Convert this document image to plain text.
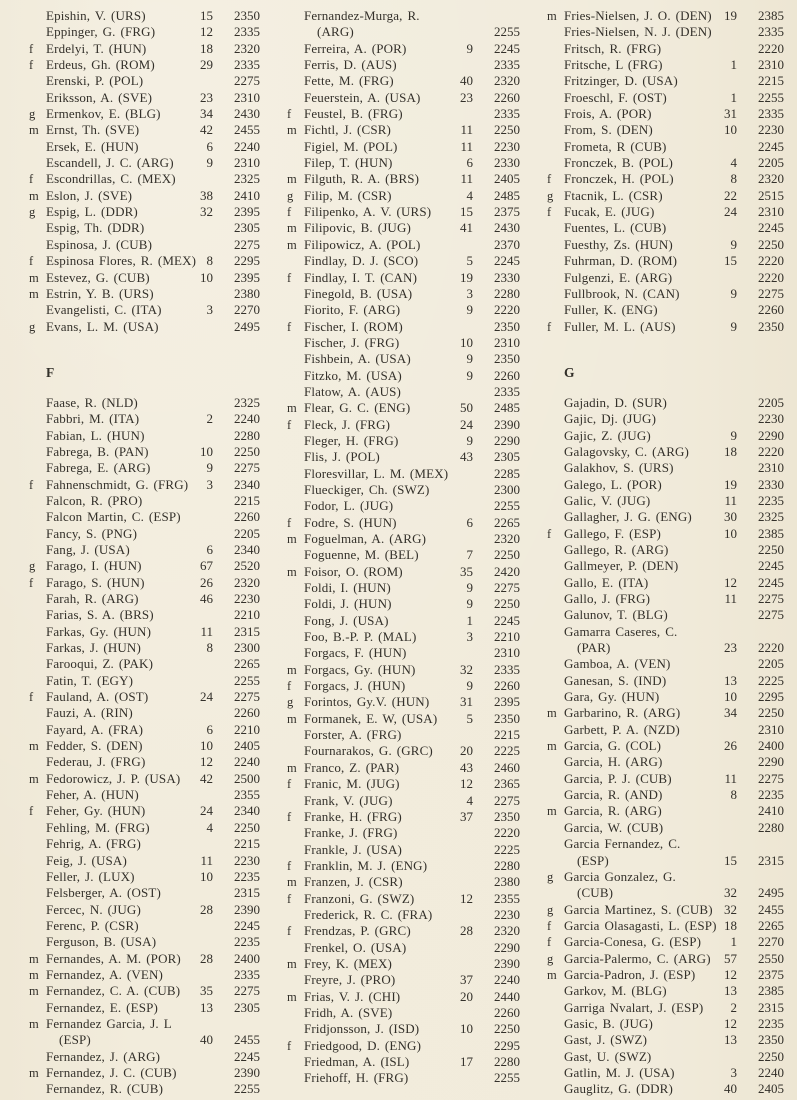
Epishin, V. (URS)	15	2350
Eppinger, G. (FRG)	12	2335
f Erdelyi, T. (HUN)	18	2320
f Erdeus, Gh. (ROM)	29	2335
Erenski, P. (POL)	2275
Eriksson, A. (SVE)	23	2310
g Ermenkov, E. (BLG)	34	2430
m Ernst, Th. (SVE)	42	2455
Ersek, E. (HUN)	6	2240
Escandell, J. C. (ARG)	9	2310
f Escondrillas, C. (MEX)	2325
m Eslon, J. (SVE)	38	2410
g Espig, L. (DDR)	32	2395
Espig, Th. (DDR)	2305
Espinosa, J. (CUB)	2275
f Espinosa Flores, R. (MEX) 8	2295
m Estevez, G. (CUB)	10	2395
m Estrin, Y. B. (URS)	2380
Evangelisti, C. (ITA)	3	2270
g Evans, L. M. (USA)	2495
F
Faase, R. (NLD)	2325
Fabbri, M. (ITA)	2	2240
Fabian, L. (HUN)	2280
Fabrega, B. (PAN)	10	2250
Fabrega, E. (ARG)	9	2275
f Fahnenschmidt, G. (FRG)	3	2340
Falcon, R. (PRO)	2215
Falcon Martin, C. (ESP)	2260
Fancy, S. (PNG)	2205
Fang, J. (USA)	6	2340
g Farago, I. (HUN)	67	2520
f Farago, S. (HUN)	26	2320
Farah, R. (ARG)	46	2230
Farias, S. A. (BRS)	2210
Farkas, Gy. (HUN)	11	2315
Farkas, J. (HUN)	8	2300
Farooqui, Z. (PAK)	2265
Fatin, T. (EGY)	2255
f Fauland, A. (OST)	24	2275
Fauzi, A. (RIN)	2260
Fayard, A. (FRA)	6	2210
m Fedder, S. (DEN)	10	2405
Federau, J. (FRG)	12	2240
m Fedorowicz, J. P. (USA)	42	2500
Feher, A. (HUN)	2355
f Feher, Gy. (HUN)	24	2340
Fehling, M. (FRG)	4	2250
Fehrig, A. (FRG)	2215
Feig, J. (USA)	11	2230
Feller, J. (LUX)	10	2235
Felsberger, A. (OST)	2315
Fercec, N. (JUG)	28	2390
Ferenc, P. (CSR)	2245
Ferguson, B. (USA)	2235
m Fernandes, A. M. (POR)	28	2400
m Fernandez, A. (VEN)	2335
m Fernandez, C. A. (CUB)	35	2275
Fernandez, E. (ESP)	13	2305
m Fernandez Garcia, J. L
(ESP)	40	2455
Fernandez, J. (ARG)	2245
m Fernandez, J. C. (CUB)	2390
Fernandez, R. (CUB)	2255
Fernandez-Murga, R.
(ARG)	2255
Ferreira, A. (POR)	9	2245
Ferris, D. (AUS)	2335
Fette, M. (FRG)	40	2320
Feuerstein, A. (USA)	23	2260
f Feustel, B. (FRG)	2335
m Fichtl, J. (CSR)	11	2250
Figiel, M. (POL)	11	2230
Filep, T. (HUN)	6	2330
m Filguth, R. A. (BRS)	11	2405
g Filip, M. (CSR)	4	2485
f Filipenko, A. V. (URS)	15	2375
m Filipovic, B. (JUG)	41	2430
m Filipowicz, A. (POL)	2370
Findlay, D. J. (SCO)	5	2245
f Findlay, I. T. (CAN)	19	2330
Finegold, B. (USA)	3	2280
Fiorito, F. (ARG)	9	2220
f Fischer, I. (ROM)	2350
Fischer, J. (FRG)	10	2310
Fishbein, A. (USA)	9	2350
Fitzko, M. (USA)	9	2260
Flatow, A. (AUS)	2335
m Flear, G. C. (ENG)	50	2485
f Fleck, J. (FRG)	24	2390
Fleger, H. (FRG)	9	2290
Flis, J. (POL)	43	2305
Floresvillar, L. M. (MEX)	2285
Flueckiger, Ch. (SWZ)	2300
Fodor, L. (JUG)	2255
f Fodre, S. (HUN)	6	2265
m Foguelman, A. (ARG)	2320
Foguenne, M. (BEL)	7	2250
m Foisor, O. (ROM)	35	2420
Foldi, I. (HUN)	9	2275
Foldi, J. (HUN)	9	2250
Fong, J. (USA)	1	2245
Foo, B.-P. P. (MAL)	3	2210
Forgacs, F. (HUN)	2310
m Forgacs, Gy. (HUN)	32	2335
f Forgacs, J. (HUN)	9	2260
g Forintos, Gy.V. (HUN)	31	2395
m Formanek, E. W, (USA)	5	2350
Forster, A. (FRG)	2215
Fournarakos, G. (GRC)	20	2225
m Franco, Z. (PAR)	43	2460
f Franic, M. (JUG)	12	2365
Frank, V. (JUG)	4	2275
f Franke, H. (FRG)	37	2350
Franke, J. (FRG)	2220
Frankle, J. (USA)	2225
f Franklin, M. J. (ENG)	2280
m Franzen, J. (CSR)	2380
f Franzoni, G. (SWZ)	12	2355
Frederick, R. C. (FRA)	2230
f Frendzas, P. (GRC)	28	2320
Frenkel, O. (USA)	2290
m Frey, K. (MEX)	2390
Freyre, J. (PRO)	37	2240
m Frias, V. J. (CHI)	20	2440
Fridh, A. (SVE)	2260
Fridjonsson, J. (ISD)	10	2250
f Friedgood, D. (ENG)	2295
Friedman, A. (ISL)	17	2280
Friehoff, H. (FRG)	2255
m Fries-Nielsen, J. O. (DEN) 19	2385
Fries-Nielsen, N. J. (DEN)	2335
Fritsch, R. (FRG)	2220
Fritsche, L (FRG)	1	2310
Fritzinger, D. (USA)	2215
Froeschl, F. (OST)	1	2255
Frois, A. (POR)	31	2335
From, S. (DEN)	10	2230
Frometa, R (CUB)	2245
Fronczek, B. (POL)	4	2205
f Fronczek, H. (POL)	8	2320
g Ftacnik, L. (CSR)	22	2515
f Fucak, E. (JUG)	24	2310
Fuentes, L. (CUB)	2245
Fuesthy, Zs. (HUN)	9	2250
Fuhrman, D. (ROM)	15	2220
Fulgenzi, E. (ARG)	2220
Fullbrook, N. (CAN)	9	2275
Fuller, K. (ENG)	2260
f Fuller, M. L. (AUS)	9	2350
G
Gajadin, D. (SUR)	2205
Gajic, Dj. (JUG)	2230
Gajic, Z. (JUG)	9	2290
Galagovsky, C. (ARG)	18	2220
Galakhov, S. (URS)	2310
Galego, L. (POR)	19	2330
Galic, V. (JUG)	11	2235
Gallagher, J. G. (ENG)	30	2325
f Gallego, F. (ESP)	10	2385
Gallego, R. (ARG)	2250
Gallmeyer, P. (DEN)	2245
Gallo, E. (ITA)	12	2245
Gallo, J. (FRG)	11	2275
Galunov, T. (BLG)	2275
Gamarra Caseres, C.
(PAR)	23	2220
Gamboa, A. (VEN)	2205
Ganesan, S. (IND)	13	2225
Gara, Gy. (HUN)	10	2295
m Garbarino, R. (ARG)	34	2250
Garbett, P. A. (NZD)	2310
m Garcia, G. (COL)	26	2400
Garcia, H. (ARG)	2290
Garcia, P. J. (CUB)	11	2275
Garcia, R. (AND)	8	2235
m Garcia, R. (ARG)	2410
Garcia, W. (CUB)	2280
Garcia Fernandez, C.
(ESP)	15	2315
g Garcia Gonzalez, G.
(CUB)	32	2495
g Garcia Martinez, S. (CUB) 32	2455
f Garcia Olasagasti, L. (ESP) 18	2265
f Garcia-Conesa, G. (ESP)	1	2270
g Garcia-Palermo, C. (ARG)	57	2550
m Garcia-Padron, J. (ESP)	12	2375
Garkov, M. (BLG)	13	2385
Garriga Nvalart, J. (ESP)	2	2315
Gasic, B. (JUG)	12	2235
Gast, J. (SWZ)	13	2350
Gast, U. (SWZ)	2250
Gatlin, M. J. (USA)	3	2240
Gauglitz, G. (DDR)	40	2405
